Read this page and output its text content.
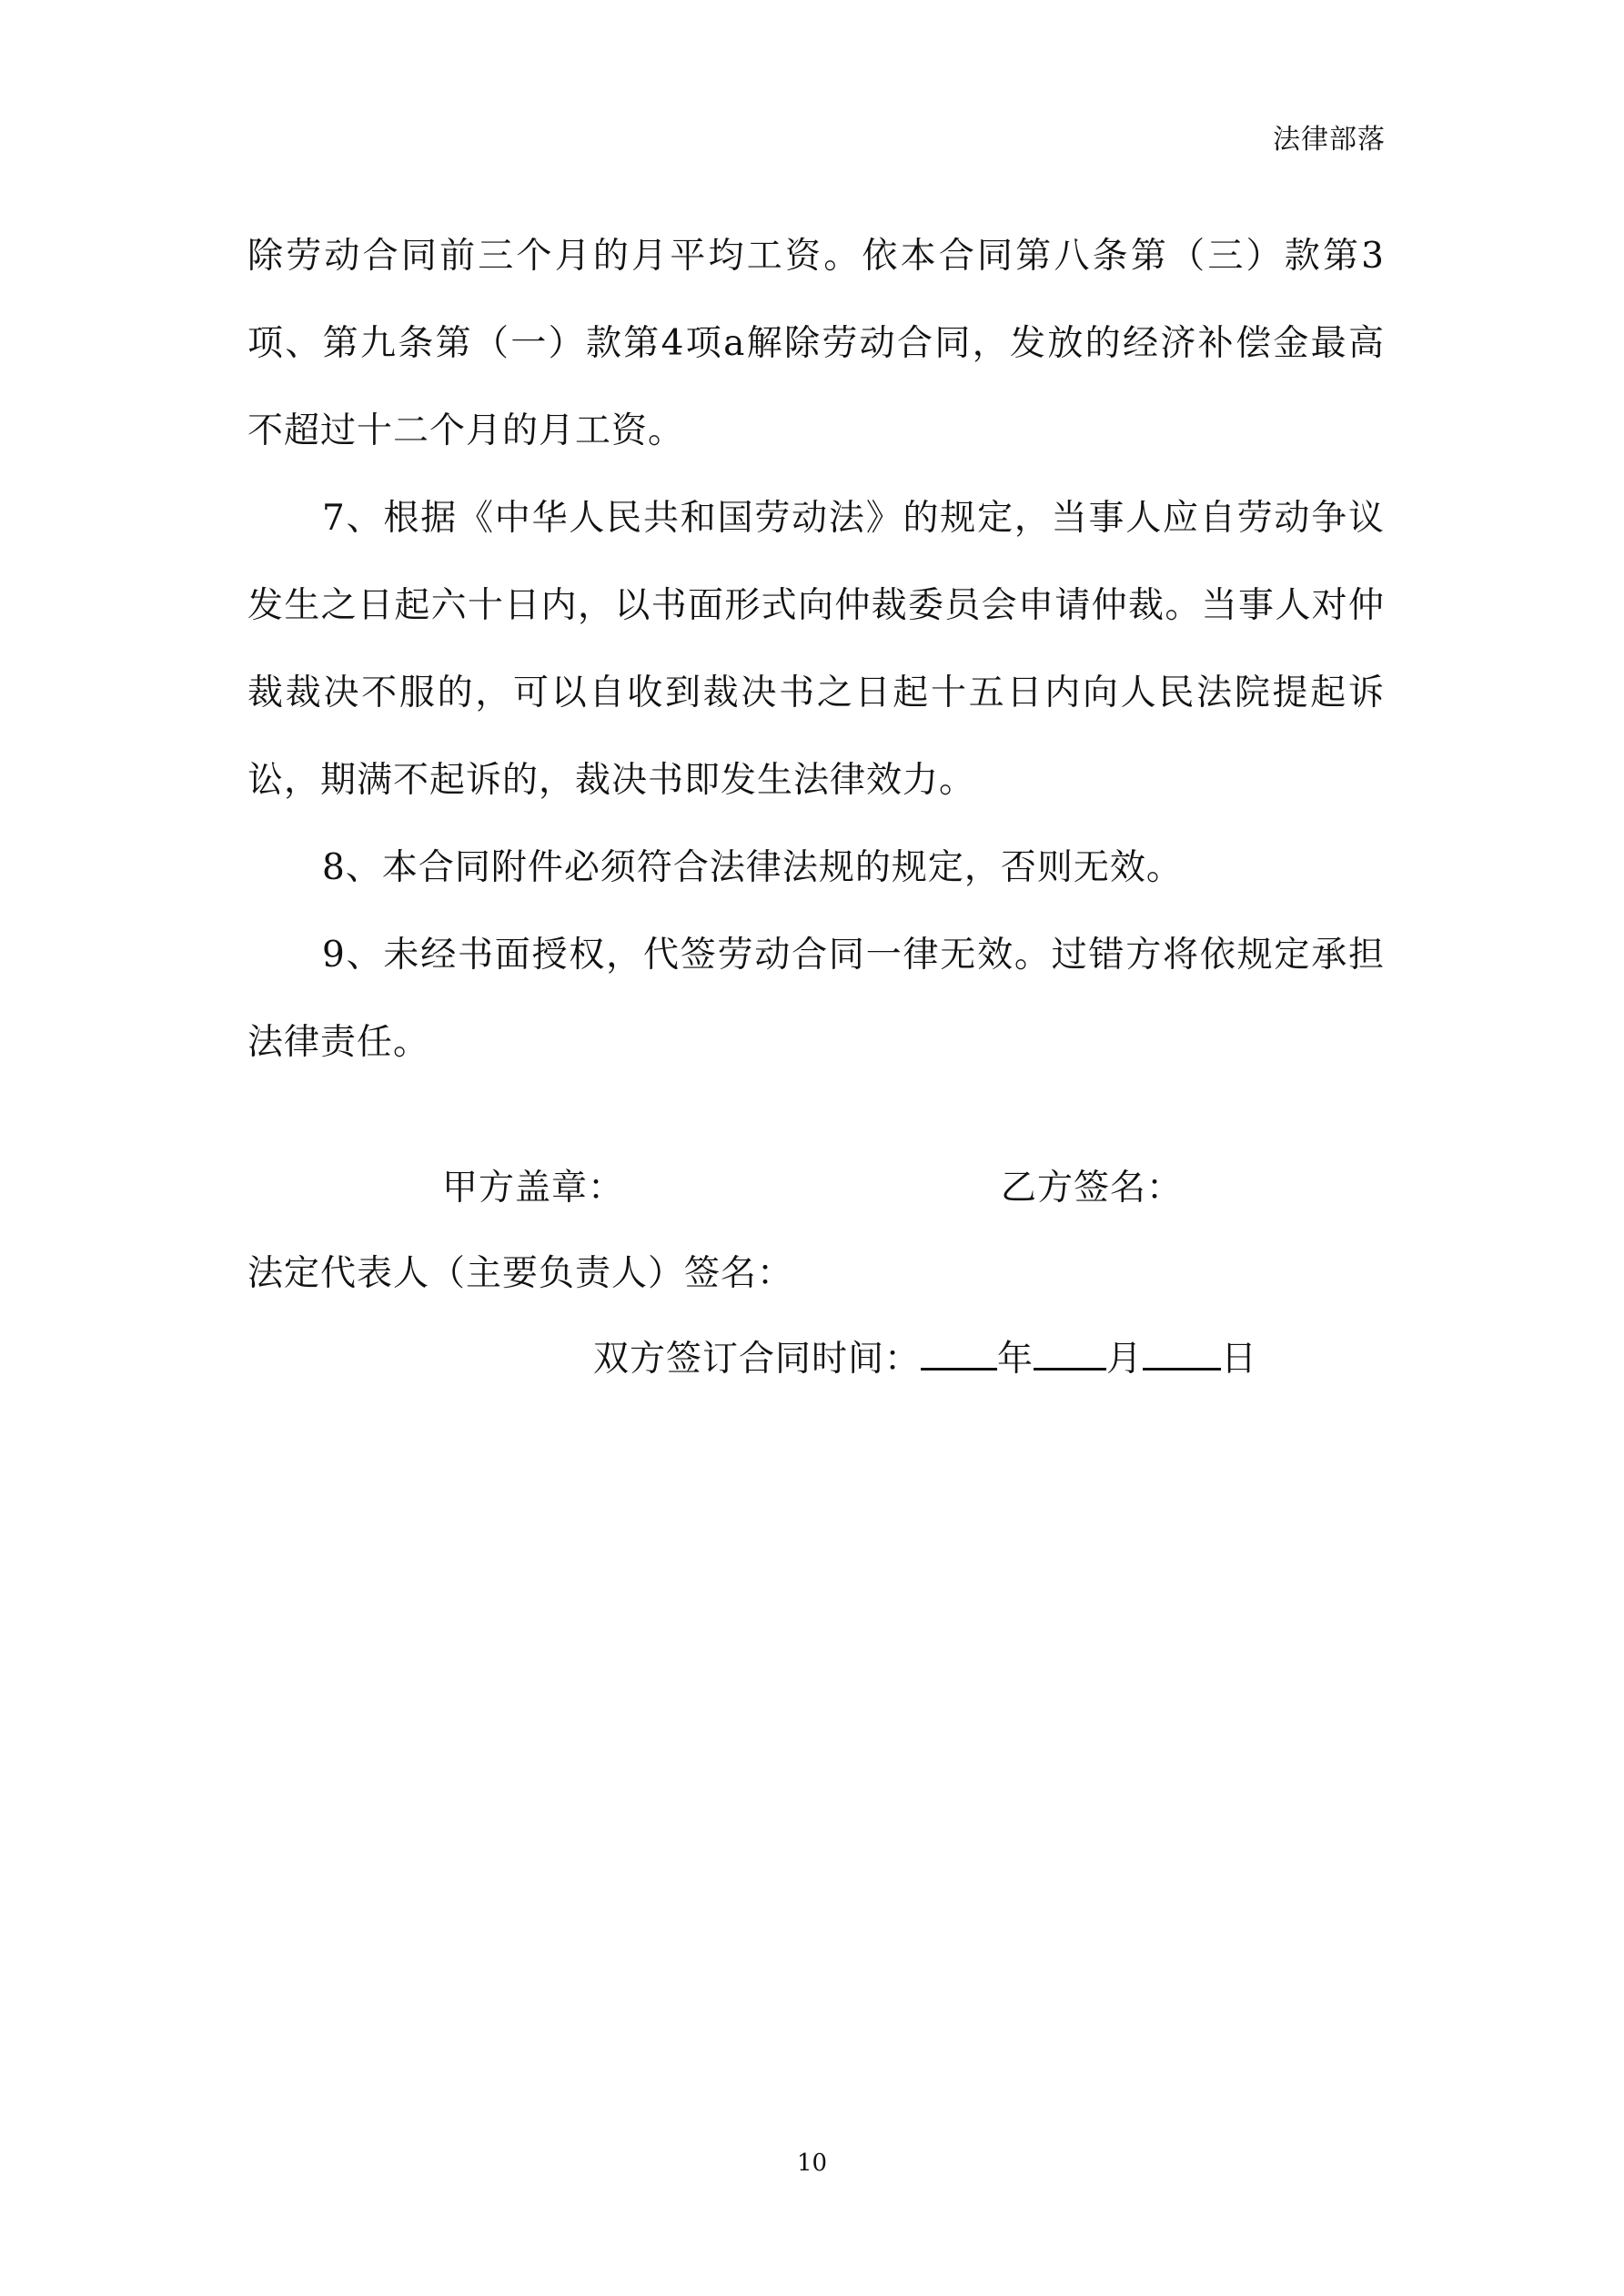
法律部落

除劳动合同前三个月的月平均工资。依本合同第八条第（三）款第3项、第九条第（一）款第4项a解除劳动合同，发放的经济补偿金最高不超过十二个月的月工资。

7、根据《中华人民共和国劳动法》的规定，当事人应自劳动争议发生之日起六十日内，以书面形式向仲裁委员会申请仲裁。当事人对仲裁裁决不服的，可以自收到裁决书之日起十五日内向人民法院提起诉讼，期满不起诉的，裁决书即发生法律效力。

8、本合同附件必须符合法律法规的规定，否则无效。

9、未经书面授权，代签劳动合同一律无效。过错方将依规定承担法律责任。

甲方盖章：	乙方签名：
法定代表人（主要负责人）签名：
双方签订合同时间： 年 月 日
10
